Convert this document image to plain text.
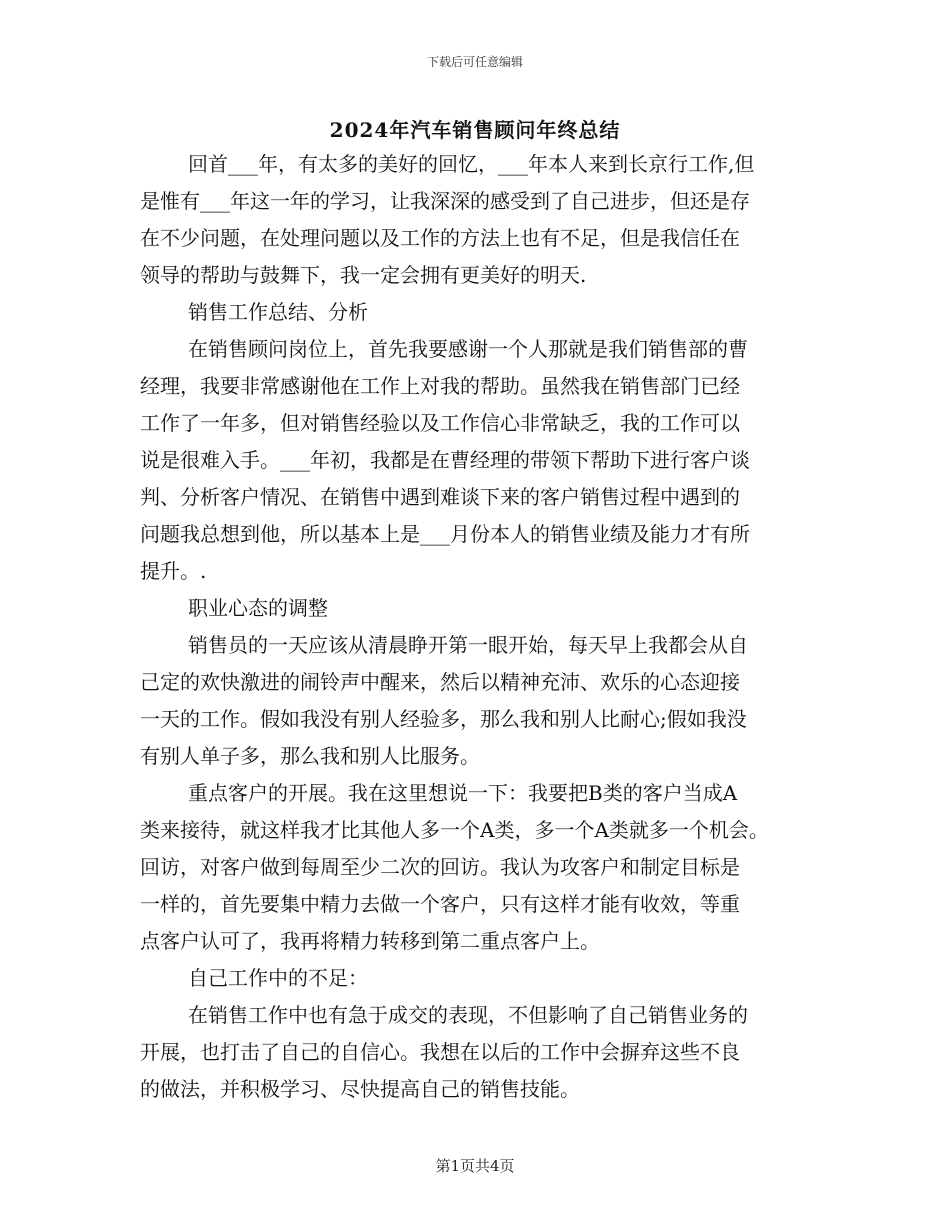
下载后可任意编辑
2024年汽车销售顾问年终总结
回首___年，有太多的美好的回忆，___年本人来到长京行工作,但
是惟有___年这一年的学习，让我深深的感受到了自己进步，但还是存
在不少问题，在处理问题以及工作的方法上也有不足，但是我信任在
领导的帮助与鼓舞下，我一定会拥有更美好的明天.
销售工作总结、分析
在销售顾问岗位上，首先我要感谢一个人那就是我们销售部的曹
经理，我要非常感谢他在工作上对我的帮助。虽然我在销售部门已经
工作了一年多，但对销售经验以及工作信心非常缺乏，我的工作可以
说是很难入手。___年初，我都是在曹经理的带领下帮助下进行客户谈
判、分析客户情况、在销售中遇到难谈下来的客户销售过程中遇到的
问题我总想到他，所以基本上是___月份本人的销售业绩及能力才有所
提升。.
职业心态的调整
销售员的一天应该从清晨睁开第一眼开始，每天早上我都会从自
己定的欢快激进的闹铃声中醒来，然后以精神充沛、欢乐的心态迎接
一天的工作。假如我没有别人经验多，那么我和别人比耐心;假如我没
有别人单子多，那么我和别人比服务。
重点客户的开展。我在这里想说一下：我要把B类的客户当成A
类来接待，就这样我才比其他人多一个A类，多一个A类就多一个机会。
回访，对客户做到每周至少二次的回访。我认为攻客户和制定目标是
一样的，首先要集中精力去做一个客户，只有这样才能有收效，等重
点客户认可了，我再将精力转移到第二重点客户上。
自己工作中的不足：
在销售工作中也有急于成交的表现，不但影响了自己销售业务的
开展，也打击了自己的自信心。我想在以后的工作中会摒弃这些不良
的做法，并积极学习、尽快提高自己的销售技能。
第1页共4页
